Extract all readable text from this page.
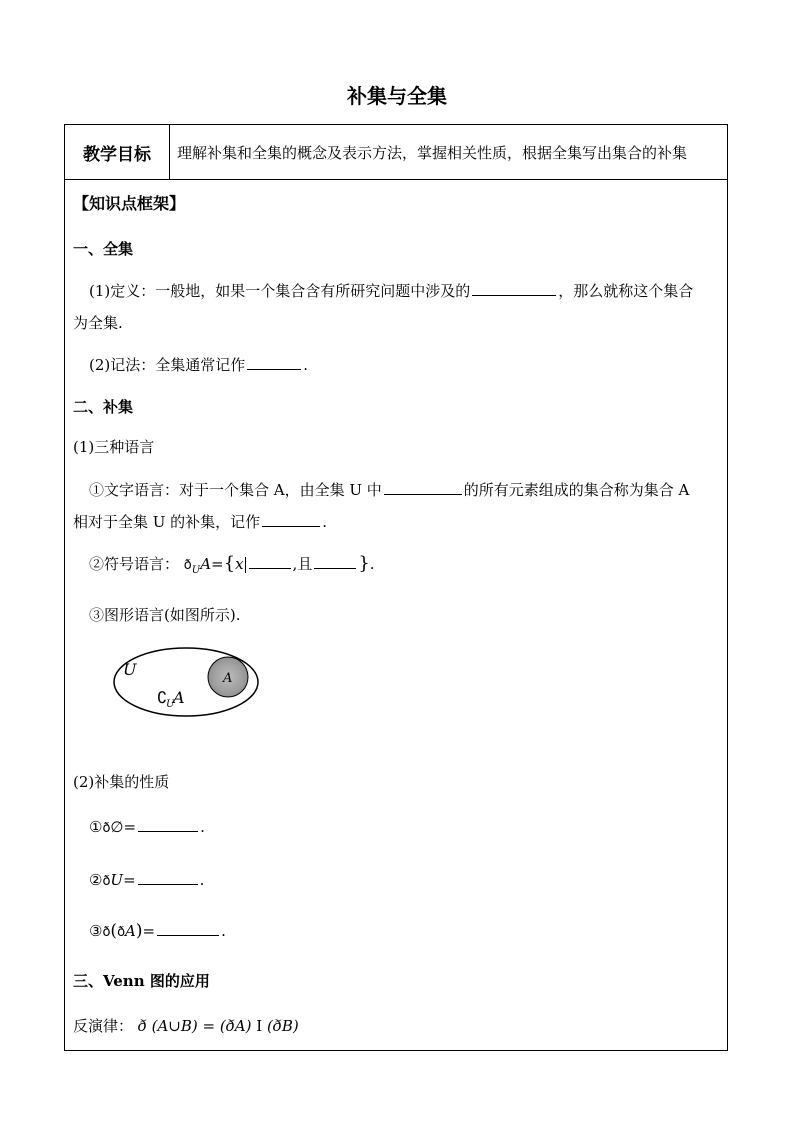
补集与全集
教学目标	理解补集和全集的概念及表示方法，掌握相关性质，根据全集写出集合的补集
【知识点框架】
一、全集
(1)定义：一般地，如果一个集合含有所研究问题中涉及的	，那么就称这个集合
为全集.
(2)记法：全集通常记作	.
二、补集
(1)三种语言
①文字语言：对于一个集合 A，由全集 U 中	的所有元素组成的集合称为集合 A
相对于全集 U 的补集，记作	.
②符号语言： $ð_UA=\{x$	,且	}.
③图形语言(如图所示).
U	A
∁
U
A
(2)补集的性质
①ð∅=	.
②ðU=	.
③ð(ðA)=	.
三、Venn 图的应用
反演律： ð (A∪B) = (ðA) I (ðB)
